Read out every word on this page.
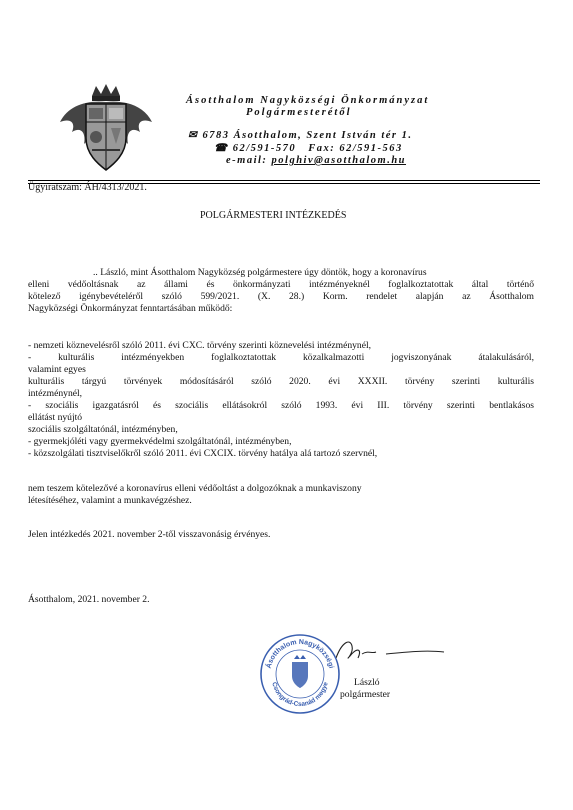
Ásotthalom Nagyközségi Önkormányzat
Polgármesterétől
✉ 6783 Ásotthalom, Szent István tér 1.
☎ 62/591-570 Fax: 62/591-563
e-mail: polghiv@asotthalom.hu
Ügyiratszám: ÁH/4313/2021.
POLGÁRMESTERI INTÉZKEDÉS
.. László, mint Ásotthalom Nagyközség polgármestere úgy döntök, hogy a koronavírus
elleni védőoltásnak az állami és önkormányzati intézményeknél foglalkoztatottak által történő
kötelező igénybevételéről szóló 599/2021. (X. 28.) Korm. rendelet alapján az Ásotthalom
Nagyközségi Önkormányzat fenntartásában működő:
- nemzeti köznevelésről szóló 2011. évi CXC. törvény szerinti köznevelési intézménynél,
- kulturális intézményekben foglalkoztatottak közalkalmazotti jogviszonyának átalakulásáról,
valamint egyes
kulturális tárgyú törvények módosításáról szóló 2020. évi XXXII. törvény szerinti kulturális
intézménynél,
- szociális igazgatásról és szociális ellátásokról szóló 1993. évi III. törvény szerinti bentlakásos
ellátást nyújtó
szociális szolgáltatónál, intézményben,
- gyermekjóléti vagy gyermekvédelmi szolgáltatónál, intézményben,
- közszolgálati tisztviselőkről szóló 2011. évi CXCIX. törvény hatálya alá tartozó szervnél,
nem teszem kötelezővé a koronavírus elleni védőoltást a dolgozóknak a munkaviszony
létesítéséhez, valamint a munkavégzéshez.
Jelen intézkedés 2021. november 2-től visszavonásig érvényes.
Ásotthalom, 2021. november 2.
Ásotthalom Nagyközségi
Csongrád-Csanád megye	László
polgármester
